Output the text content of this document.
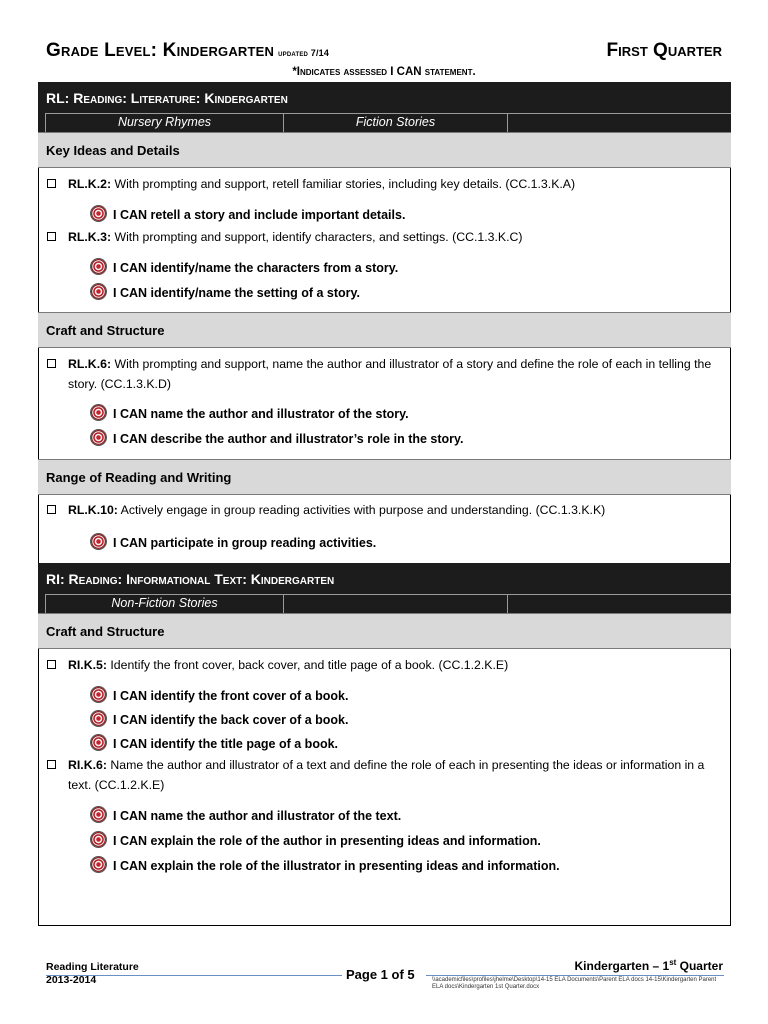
Grade Level: Kindergarten updated 7/14	First Quarter
*Indicates assessed I CAN statement.
RL: Reading: Literature: Kindergarten
Nursery Rhymes	Fiction Stories
Key Ideas and Details
RL.K.2: With prompting and support, retell familiar stories, including key details. (CC.1.3.K.A)
I CAN retell a story and include important details.
RL.K.3: With prompting and support, identify characters, and settings. (CC.1.3.K.C)
I CAN identify/name the characters from a story.
I CAN identify/name the setting of a story.
Craft and Structure
RL.K.6: With prompting and support, name the author and illustrator of a story and define the role of each in telling the story. (CC.1.3.K.D)
I CAN name the author and illustrator of the story.
I CAN describe the author and illustrator’s role in the story.
Range of Reading and Writing
RL.K.10: Actively engage in group reading activities with purpose and understanding. (CC.1.3.K.K)
I CAN participate in group reading activities.
RI: Reading: Informational Text: Kindergarten
Non-Fiction Stories
Craft and Structure
RI.K.5: Identify the front cover, back cover, and title page of a book. (CC.1.2.K.E)
I CAN identify the front cover of a book.
I CAN identify the back cover of a book.
I CAN identify the title page of a book.
RI.K.6: Name the author and illustrator of a text and define the role of each in presenting the ideas or information in a text. (CC.1.2.K.E)
I CAN name the author and illustrator of the text.
I CAN explain the role of the author in presenting ideas and information.
I CAN explain the role of the illustrator in presenting ideas and information.
Reading Literature
2013-2014	Page 1 of 5
Kindergarten – 1st Quarter
\\academicfiles\profiles\jhelme\Desktop\14-15 ELA Documents\Parent ELA docs 14-15\Kindergarten Parent ELA docs\Kindergarten 1st Quarter.docx
